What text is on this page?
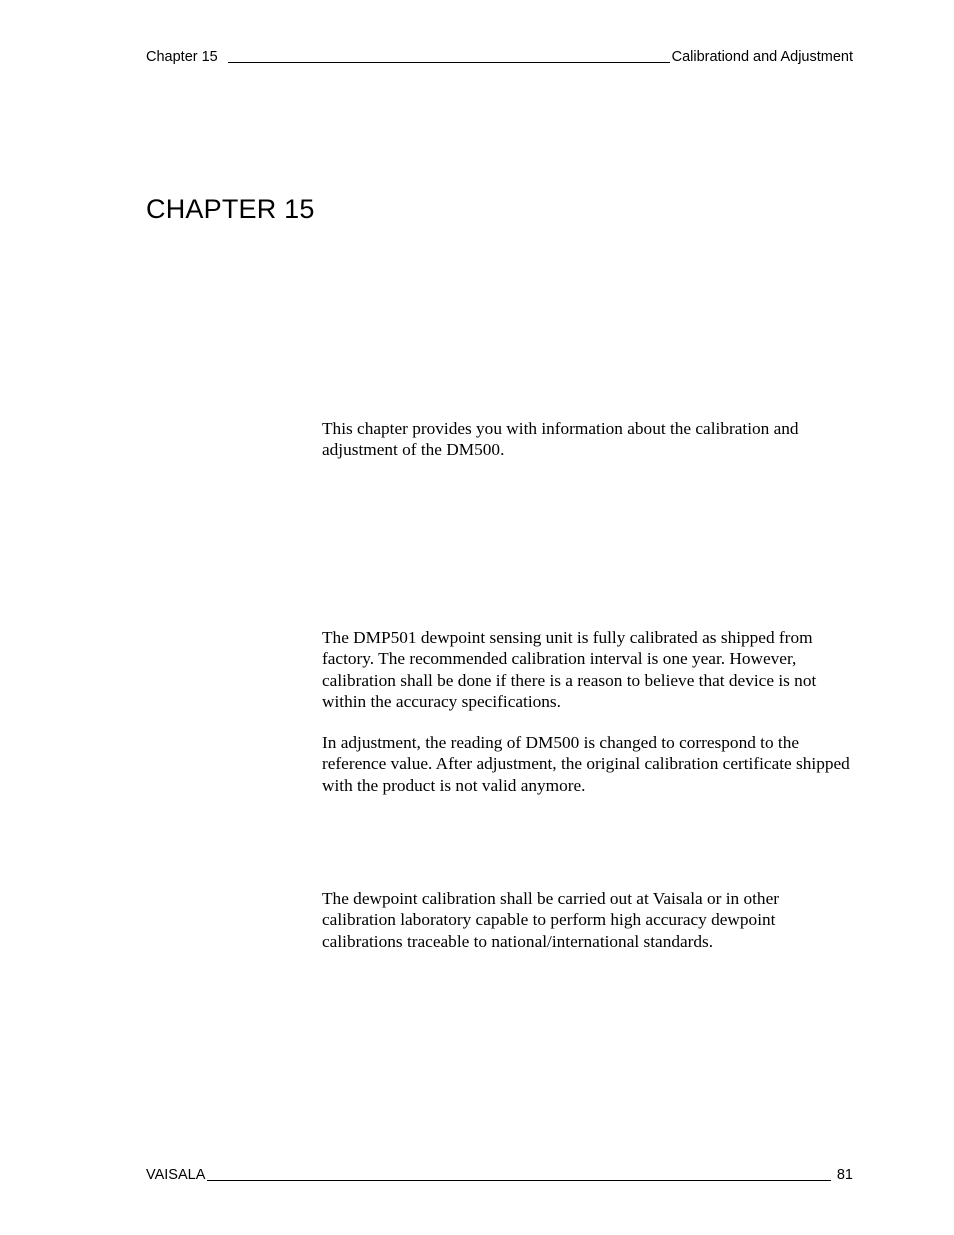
Chapter 15	Calibrationd and Adjustment
CHAPTER 15

This chapter provides you with information about the calibration and adjustment of the DM500.

The DMP501 dewpoint sensing unit is fully calibrated as shipped from factory. The recommended calibration interval is one year. However, calibration shall be done if there is a reason to believe that device is not within the accuracy specifications.

In adjustment, the reading of DM500 is changed to correspond to the reference value. After adjustment, the original calibration certificate shipped with the product is not valid anymore.

The dewpoint calibration shall be carried out at Vaisala or in other calibration laboratory capable to perform high accuracy dewpoint calibrations traceable to national/international standards.

VAISALA	81
